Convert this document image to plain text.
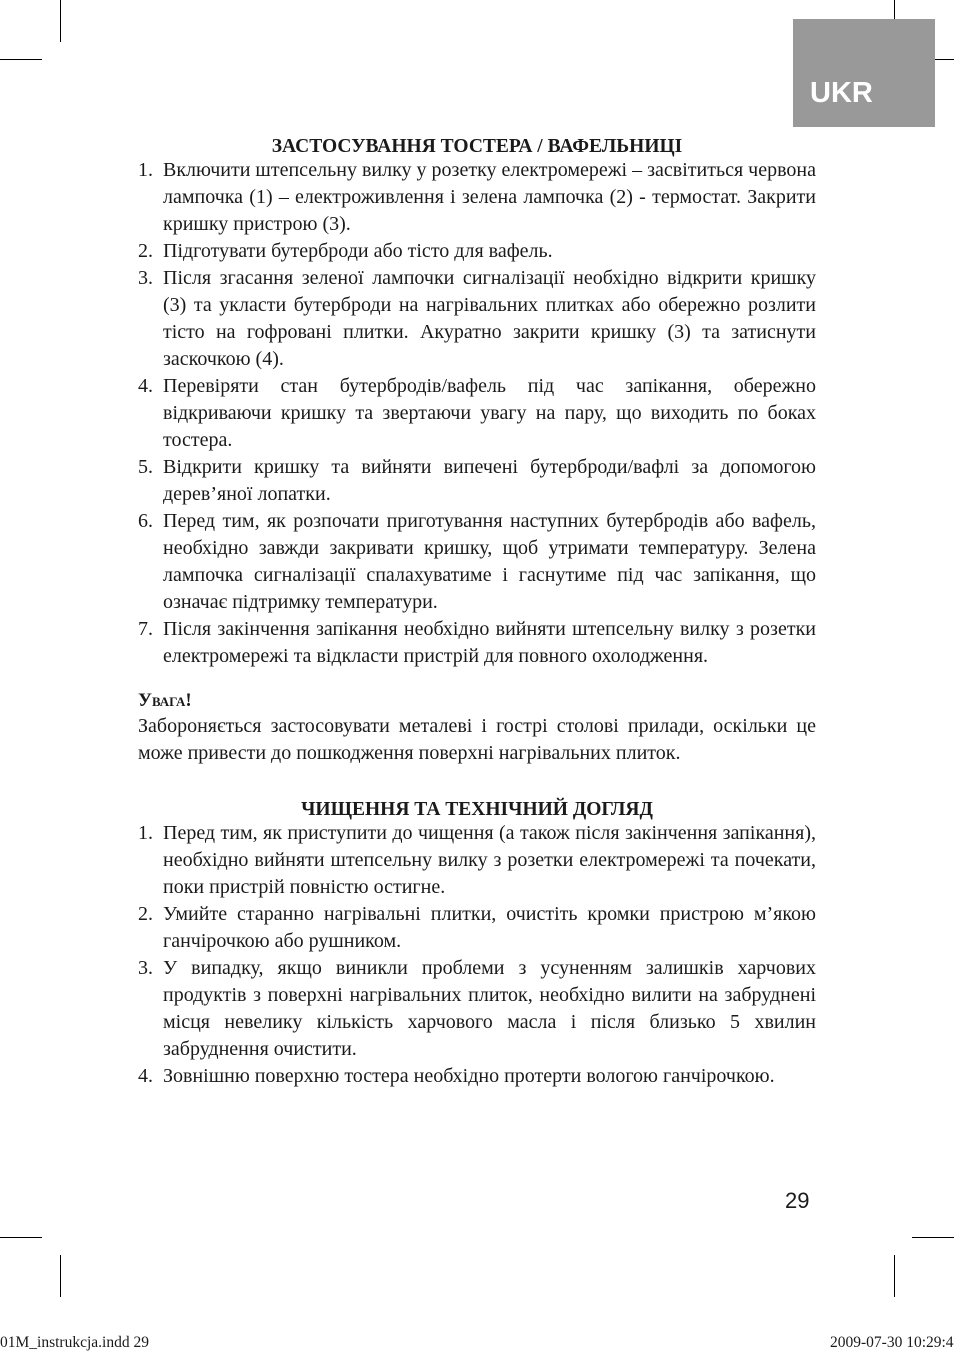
UKR
ЗАСТОСУВАННЯ ТОСТЕРА / ВАФЕЛЬНИЦІ
1. Включити штепсельну вилку у розетку електромережі – засвітиться червона лампочка (1) – електроживлення і зелена лампочка (2) - термостат. Закрити кришку пристрою (3).
2. Підготувати бутерброди або тісто для вафель.
3. Після згасання зеленої лампочки сигналізації необхідно відкрити кришку (3) та укласти бутерброди на нагрівальних плитках або обережно розлити тісто на гофровані плитки. Акуратно закрити кришку (3) та затиснути заскочкою (4).
4. Перевіряти стан бутербродів/вафель під час запікання, обережно відкриваючи кришку та звертаючи увагу на пару, що виходить по боках тостера.
5. Відкрити кришку та вийняти випечені бутерброди/вафлі за допомогою дерев’яної лопатки.
6. Перед тим, як розпочати приготування наступних бутербродів або вафель, необхідно завжди закривати кришку, щоб утримати температуру. Зелена лампочка сигналізації спалахуватиме і гаснутиме під час запікання, що означає підтримку температури.
7. Після закінчення запікання необхідно вийняти штепсельну вилку з розетки електромережі та відкласти пристрій для повного охолодження.
Увага!
Забороняється застосовувати металеві і гострі столові прилади, оскільки це може привести до пошкодження поверхні нагрівальних плиток.
ЧИЩЕННЯ ТА ТЕХНІЧНИЙ ДОГЛЯД
1. Перед тим, як приступити до чищення (а також після закінчення запікання), необхідно вийняти штепсельну вилку з розетки електромережі та почекати, поки пристрій повністю остигне.
2. Умийте старанно нагрівальні плитки, очистіть кромки пристрою м’якою ганчірочкою або рушником.
3. У випадку, якщо виникли проблеми з усуненням залишків харчових продуктів з поверхні нагрівальних плиток, необхідно вилити на забруднені місця невелику кількість харчового масла і після близько 5 хвилин забруднення очистити.
4. Зовнішню поверхню тостера необхідно протерти вологою ганчірочкою.
29
01M_instrukcja.indd 29	2009-07-30 10:29:4
